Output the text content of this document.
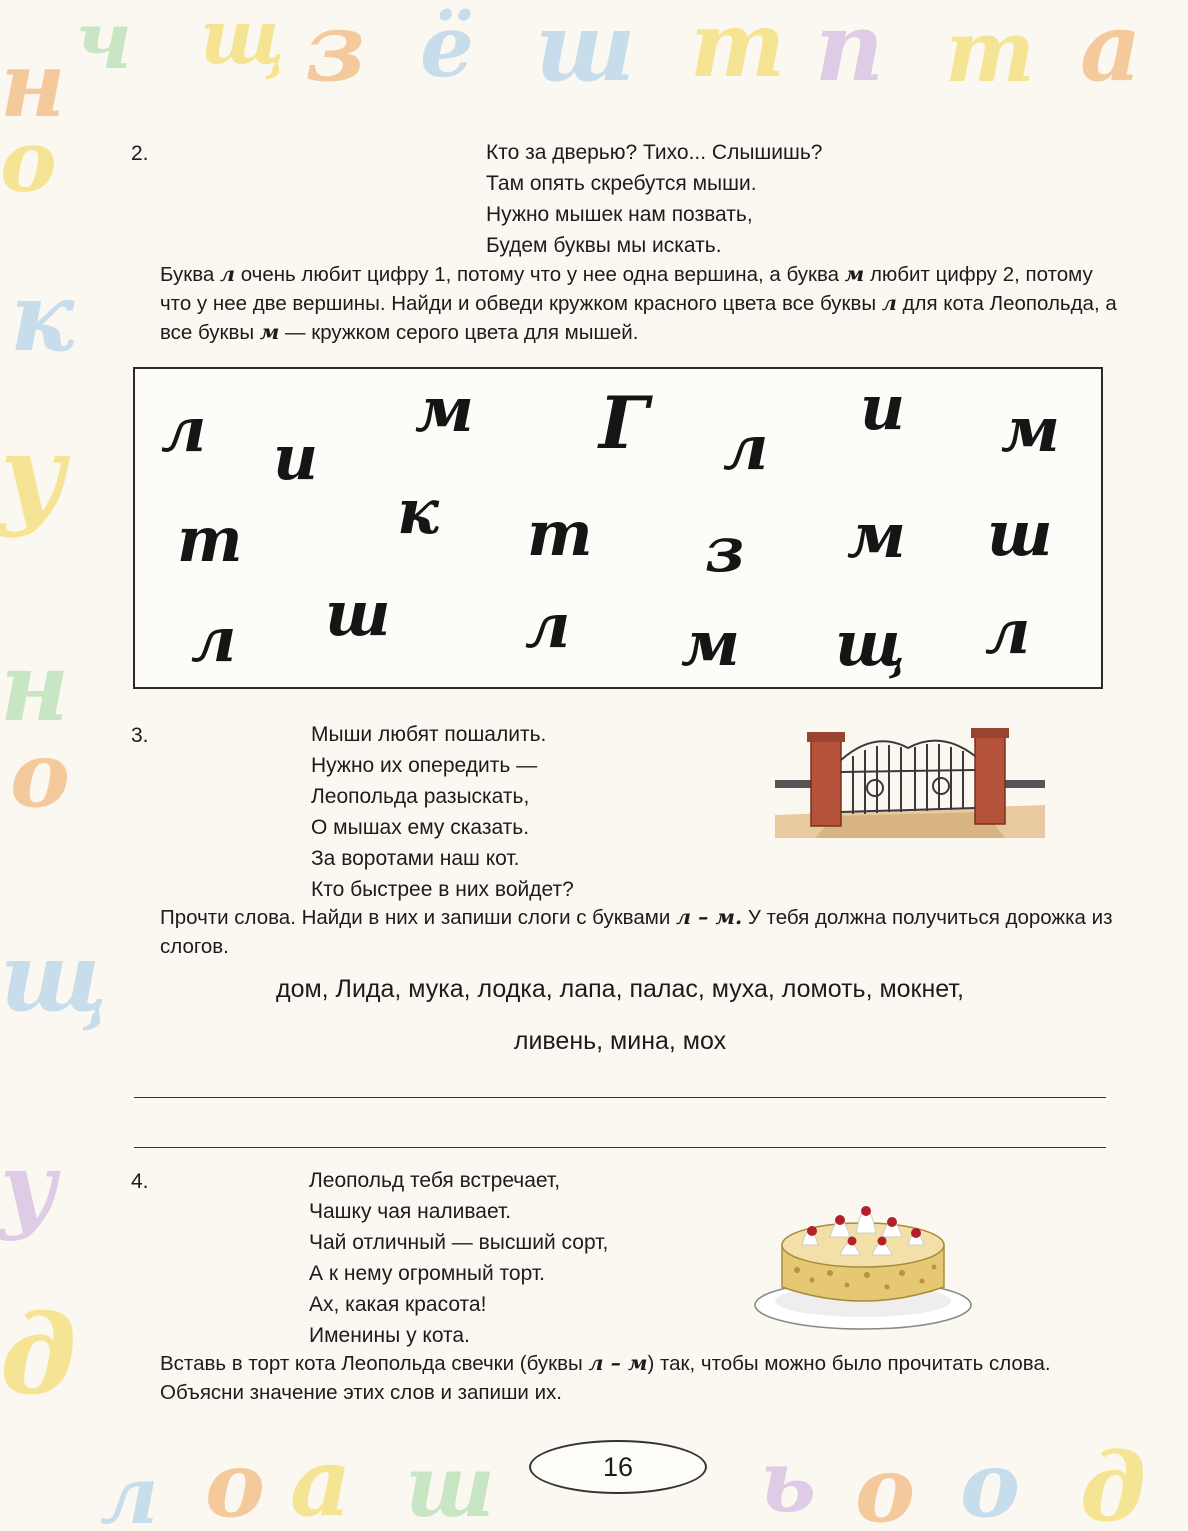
н ч щ з ё ш т п т а
о
к
у
н
о
щ
у
д
л о а ш	ь о о д
2.	Кто за дверью? Тихо... Слышишь?
Там опять скребутся мыши.
Нужно мышек нам позвать,
Будем буквы мы искать.
Буква л очень любит цифру 1, потому что у нее одна вершина, а буква м любит цифру 2, потому что у нее две вершины. Найди и обведи кружком красного цвета все буквы л для кота Леопольда, а все буквы м — кружком серого цвета для мышей.
л и
м Г л
и м
т к т з м ш
л ш л м щ л
3.	Мыши любят пошалить.
Нужно их опередить —
Леопольда разыскать,
О мышах ему сказать.
За воротами наш кот.
Кто быстрее в них войдет?
Прочти слова. Найди в них и запиши слоги с буквами л – м. У тебя должна получиться дорожка из слогов.
дом, Лида, мука, лодка, лапа, палас, муха, ломоть, мокнет,
ливень, мина, мох
4.	Леопольд тебя встречает,
Чашку чая наливает.
Чай отличный — высший сорт,
А к нему огромный торт.
Ах, какая красота!
Именины у кота.
Вставь в торт кота Леопольда свечки (буквы л – м) так, чтобы можно было прочитать слова. Объясни значение этих слов и запиши их.
16
